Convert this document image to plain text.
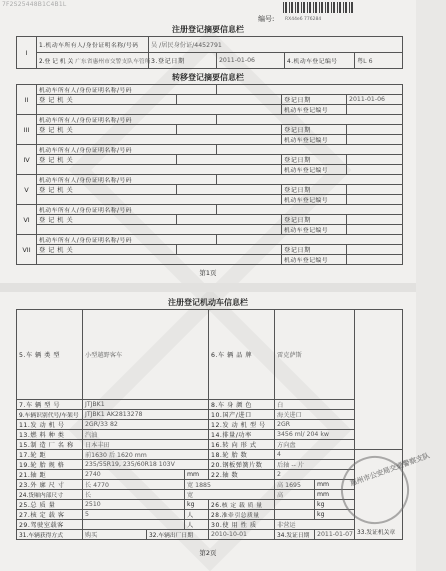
7F2S25448B1C4B1L
RX44e6 776284
编号:
注册登记摘要信息栏
I	1.机动车所有人/身份证明名称/号码	吴 /居民身份证/4452791			
	2.登 记 机 关 广东省惠州市交警支队车管所	3.登记日期	2011-01-06	4.机动车登记编号	粤L 6
转移登记摘要信息栏
II	机动车所有人/身份证明名称/号码				
	登 记 机 关			登记日期	2011-01-06
				机动车登记编号	
III	机动车所有人/身份证明名称/号码				
	登 记 机 关			登记日期	
				机动车登记编号	
IV	机动车所有人/身份证明名称/号码				
	登 记 机 关			登记日期	
				机动车登记编号	
V	机动车所有人/身份证明名称/号码				
	登 记 机 关			登记日期	
				机动车登记编号	
VI	机动车所有人/身份证明名称/号码				
	登 记 机 关			登记日期	
				机动车登记编号	
VII	机动车所有人/身份证明名称/号码				
	登 记 机 关			登记日期	
				机动车登记编号	
第1页
注册登记机动车信息栏
5.车 辆 类 型	小型越野客车			6.车 辆 品 牌	雷克萨斯		
7.车 辆 型 号	JTJBK1			8.车 身 颜 色	白		
9.车辆识别代号/车架号	JTJBK1 AK2813278			10.国产/进口	海关进口		
11.发 动 机 号	2GR/33 82			12.发 动 机 型 号	2GR		
13.燃 料 种 类	汽油			14.排量/功率	3456 ml/ 204 kw		
15.制 造 厂 名 称	日本丰田			16.转 向 形 式	方向盘		
17.轮 距	前1630 后 1620 mm			18.轮 胎 数	4		惠州市公安局交通警察支队
33.发证机关章

19.轮 胎 规 格	235/55R19, 235/60R18 103V			20.钢板弹簧片数	后轴 -- 片		
21.轴 距	2740		mm	22.轴 数	2		
23.外 廓 尺 寸	长 4770		宽 1885		高 1695	mm	
24.货厢内部尺寸	长		宽		高	mm	
25.总 质 量	2510		kg	26.核 定 载 质 量		kg	
27.核 定 载 客	5		人	28.准牵引总质量		kg	
29.驾驶室载客			人	30.使 用 性 质	非营运		
31.车辆获得方式	购买	32.车辆出厂日期		2010-10-01	34.发证日期	2011-01-07	
第2页
